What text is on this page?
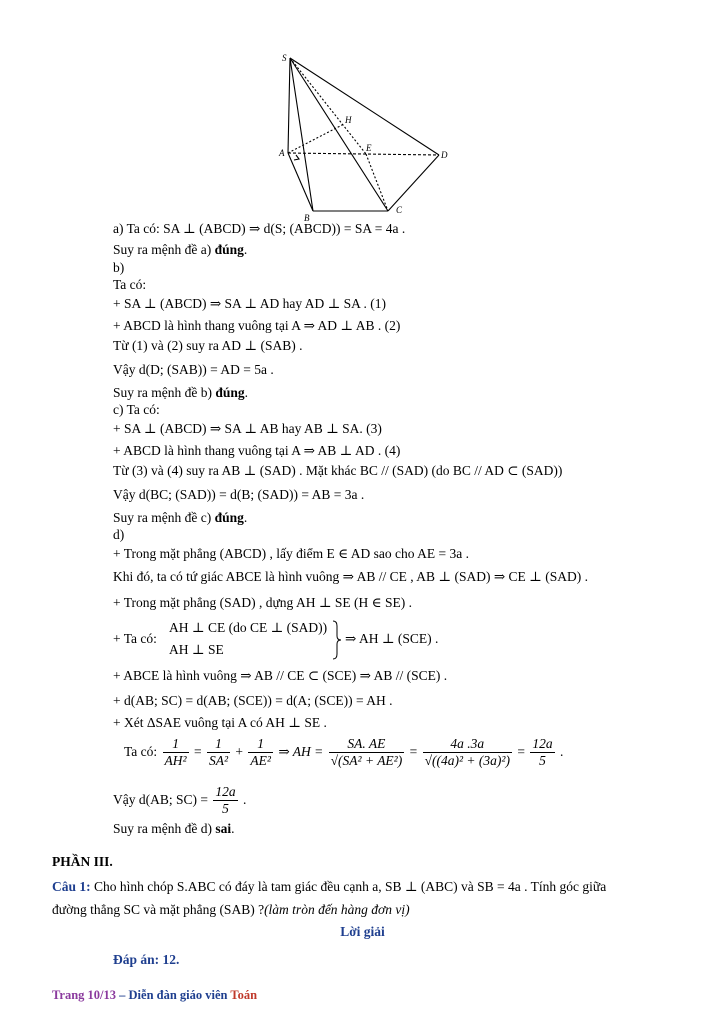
S
H
A	E
D
B
C
a) Ta có: SA ⊥ (ABCD) ⇒ d(S; (ABCD)) = SA = 4a .
Suy ra mệnh đề a) đúng.
b)
Ta có:
+ SA ⊥ (ABCD) ⇒ SA ⊥ AD hay AD ⊥ SA . (1)
+ ABCD là hình thang vuông tại A ⇒ AD ⊥ AB . (2)
Từ (1) và (2) suy ra AD ⊥ (SAB) .
Vậy d(D; (SAB)) = AD = 5a .
Suy ra mệnh đề b) đúng.
c) Ta có:
+ SA ⊥ (ABCD) ⇒ SA ⊥ AB hay AB ⊥ SA. (3)
+ ABCD là hình thang vuông tại A ⇒ AB ⊥ AD . (4)
Từ (3) và (4) suy ra AB ⊥ (SAD) . Mặt khác BC // (SAD) (do BC // AD ⊂ (SAD))
Vậy d(BC; (SAD)) = d(B; (SAD)) = AB = 3a .
Suy ra mệnh đề c) đúng.
d)
+ Trong mặt phẳng (ABCD) , lấy điểm E ∈ AD sao cho AE = 3a .
Khi đó, ta có tứ giác ABCE là hình vuông ⇒ AB // CE , AB ⊥ (SAD) ⇒ CE ⊥ (SAD) .
+ Trong mặt phẳng (SAD) , dựng AH ⊥ SE (H ∈ SE) .
+ Ta có:
AH ⊥ CE (do CE ⊥ (SAD))
AH ⊥ SE
⇒ AH ⊥ (SCE) .
+ ABCE là hình vuông ⇒ AB // CE ⊂ (SCE) ⇒ AB // (SCE) .
+ d(AB; SC) = d(AB; (SCE)) = d(A; (SCE)) = AH .
+ Xét ΔSAE vuông tại A có AH ⊥ SE .
Ta có: $\frac{1}{\text{AH²}} = \frac{1}{\text{SA²}} + \frac{1}{\text{AE²}}$ ⇒ AH = $\frac{SA. AE}{\text{√(SA² + AE²)}} = \frac{4a .3a}{\text{√((4a)² + (3a)²)}} = \frac{12a}{5}$ .
Vậy d(AB; $SC) = \frac{12a}{5}$ .
Suy ra mệnh đề d) sai.
PHẦN III.
Câu 1: Cho hình chóp S.ABC có đáy là tam giác đều cạnh a, SB ⊥ (ABC) và SB = 4a . Tính góc giữa
đường thẳng SC và mặt phẳng (SAB) ?(làm tròn đến hàng đơn vị)
Lời giải
Đáp án: 12.
Trang 10/13 – Diễn đàn giáo viên Toán
